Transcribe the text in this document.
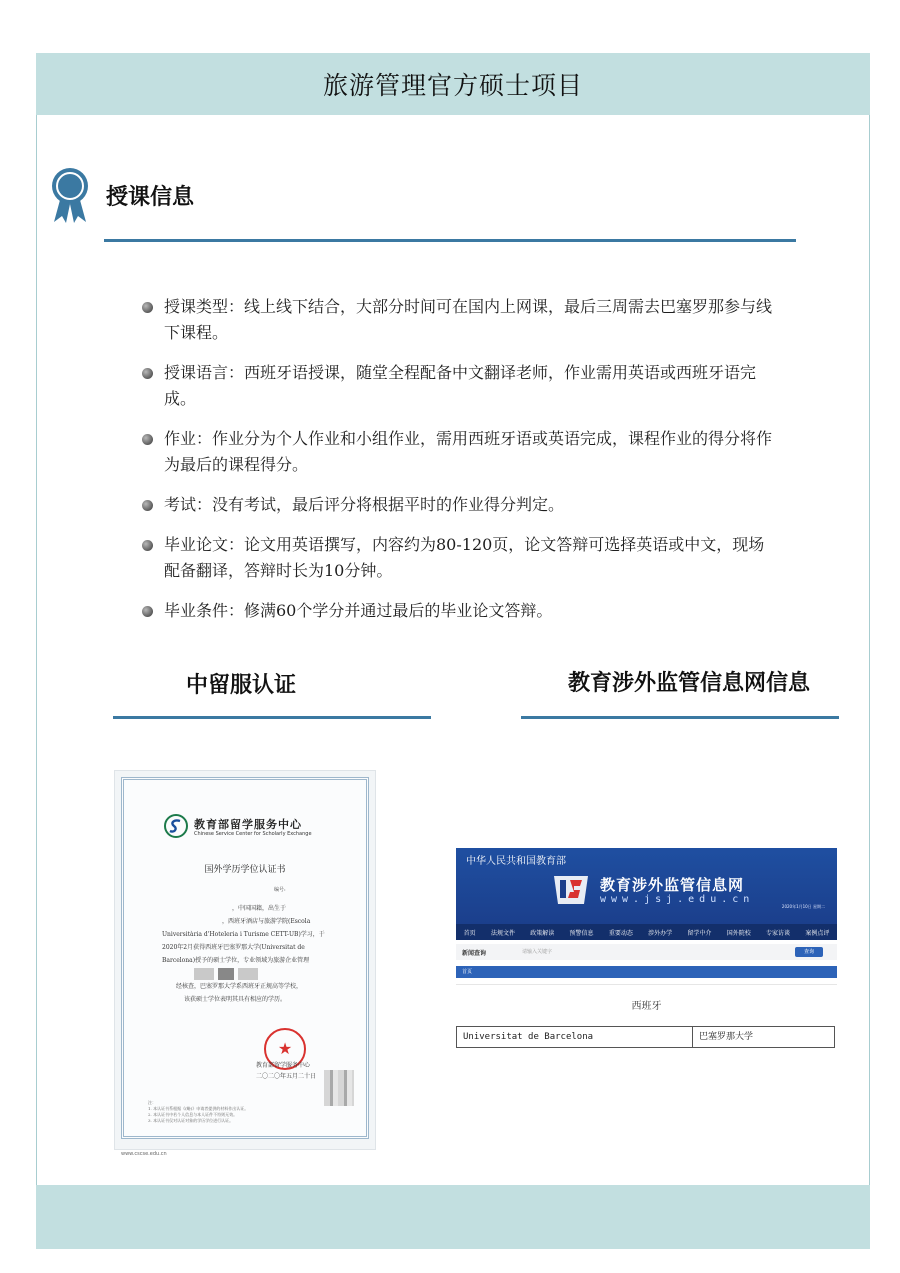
旅游管理官方硕士项目
授课信息
授课类型：线上线下结合，大部分时间可在国内上网课，最后三周需去巴塞罗那参与线下课程。
授课语言：西班牙语授课，随堂全程配备中文翻译老师，作业需用英语或西班牙语完成。
作业：作业分为个人作业和小组作业，需用西班牙语或英语完成，课程作业的得分将作为最后的课程得分。
考试：没有考试，最后评分将根据平时的作业得分判定。
毕业论文：论文用英语撰写，内容约为80-120页，论文答辩可选择英语或中文，现场配备翻译，答辩时长为10分钟。
毕业条件：修满60个学分并通过最后的毕业论文答辩。
中留服认证	教育涉外监管信息网信息
教育部留学服务中心
Chinese Service Center for Scholarly Exchange
国外学历学位认证书
编号:
，中国国籍，出生于
，西班牙酒店与旅游学院(Escola
Universitària d'Hoteleria i Turisme CETT-UB)学习，于
2020年2月获得西班牙巴塞罗那大学(Universitat de
Barcelona)授予的硕士学位，专业领域为旅游企业管理
经核查，巴塞罗那大学系西班牙正规高等学校，
该获硕士学位表明其具有相应的学历。
★
教育部留学服务中心
二〇二〇年五月二十日
注：
1. 本认证书系根据《(略)》申请者提供的材料作出认证。
2. 本认证书中若个人信息与本人证件不符则无效。
3. 本认证书仅对认证对象的学历学位进行认证。
www.cscse.edu.cn
中华人民共和国教育部
教育涉外监管信息网
www.jsj.edu.cn
2020年1月10日 星期二
首页	法规文件	政策解读	预警信息	重要动态	涉外办学	留学中介	国外院校	专家访谈	案例点评
新闻查询	请输入关键字	查询
首页
西班牙
Universitat de Barcelona	巴塞罗那大学
